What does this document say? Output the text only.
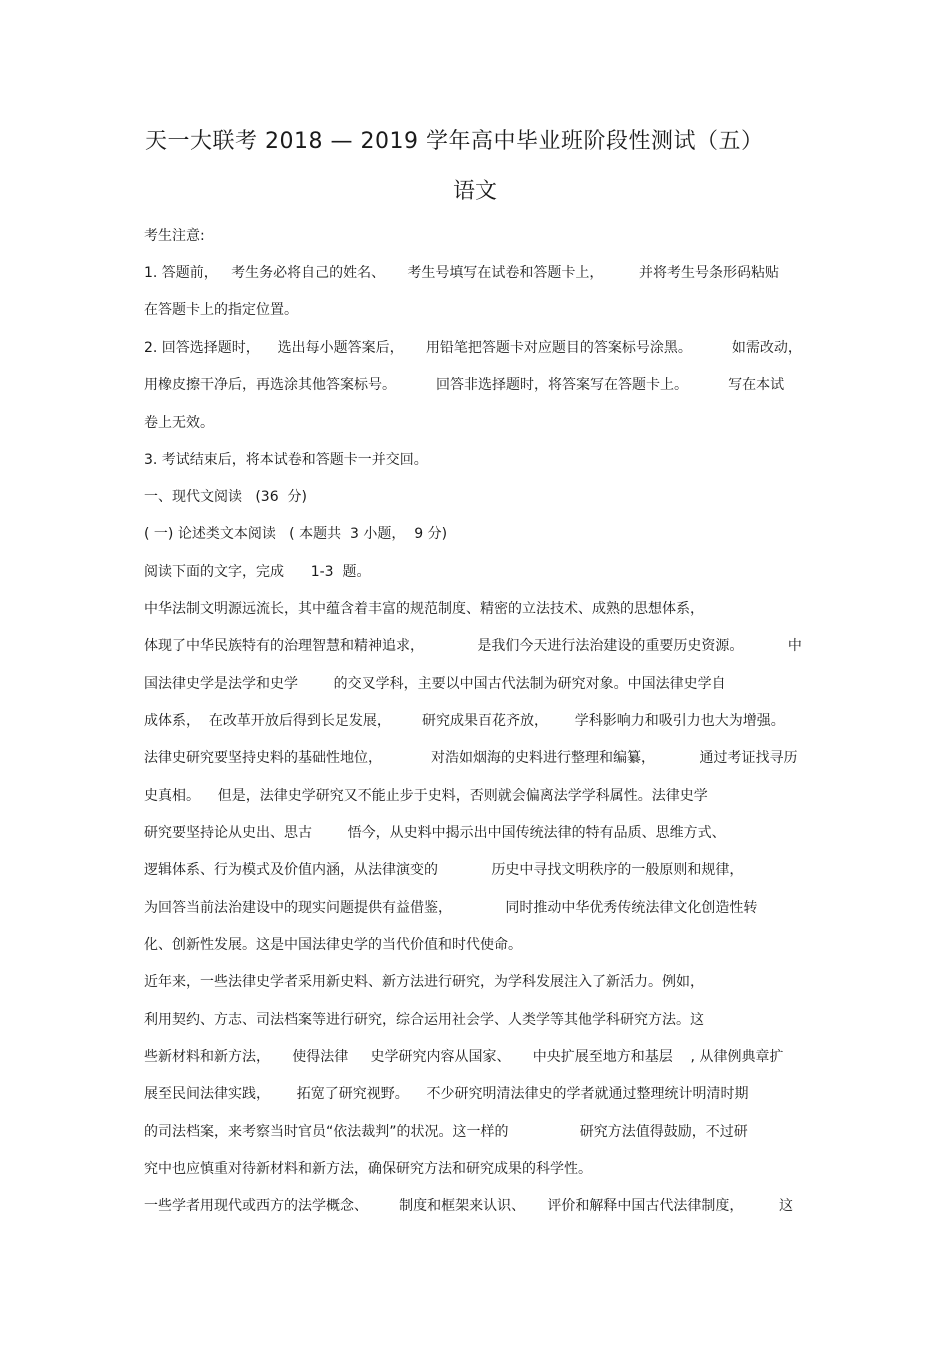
天一大联考 2018 — 2019 学年高中毕业班阶段性测试（五）
语文
考生注意:
1. 答题前，   考生务必将自己的姓名、     考生号填写在试卷和答题卡上，        并将考生号条形码粘贴
在答题卡上的指定位置。
2. 回答选择题时，    选出每小题答案后，     用铅笔把答题卡对应题目的答案标号涂黑。         如需改动，
用橡皮擦干净后，再选涂其他答案标号。         回答非选择题时，将答案写在答题卡上。         写在本试
卷上无效。
3. 考试结束后，将本试卷和答题卡一并交回。
一、现代文阅读   (36  分)
( 一) 论述类文本阅读   ( 本题共  3 小题，  9 分)
阅读下面的文字，完成      1-3  题。
中华法制文明源远流长，其中蕴含着丰富的规范制度、精密的立法技术、成熟的思想体系，
体现了中华民族特有的治理智慧和精神追求，            是我们今天进行法治建设的重要历史资源。          中
国法律史学是法学和史学        的交叉学科，主要以中国古代法制为研究对象。中国法律史学自
成体系，  在改革开放后得到长足发展，       研究成果百花齐放，      学科影响力和吸引力也大为增强。
法律史研究要坚持史料的基础性地位，           对浩如烟海的史料进行整理和编纂，          通过考证找寻历
史真相。    但是，法律史学研究又不能止步于史料，否则就会偏离法学学科属性。法律史学
研究要坚持论从史出、思古        悟今，从史料中揭示出中国传统法律的特有品质、思维方式、
逻辑体系、行为模式及价值内涵，从法律演变的            历史中寻找文明秩序的一般原则和规律，
为回答当前法治建设中的现实问题提供有益借鉴，            同时推动中华优秀传统法律文化创造性转
化、创新性发展。这是中国法律史学的当代价值和时代使命。
近年来，一些法律史学者采用新史料、新方法进行研究，为学科发展注入了新活力。例如，
利用契约、方志、司法档案等进行研究，综合运用社会学、人类学等其他学科研究方法。这
些新材料和新方法，     使得法律     史学研究内容从国家、     中央扩展至地方和基层    , 从律例典章扩
展至民间法律实践，      拓宽了研究视野。    不少研究明清法律史的学者就通过整理统计明清时期
的司法档案，来考察当时官员“依法裁判”的状况。这一样的                研究方法值得鼓励，不过研
究中也应慎重对待新材料和新方法，确保研究方法和研究成果的科学性。
一些学者用现代或西方的法学概念、       制度和框架来认识、     评价和解释中国古代法律制度，        这
